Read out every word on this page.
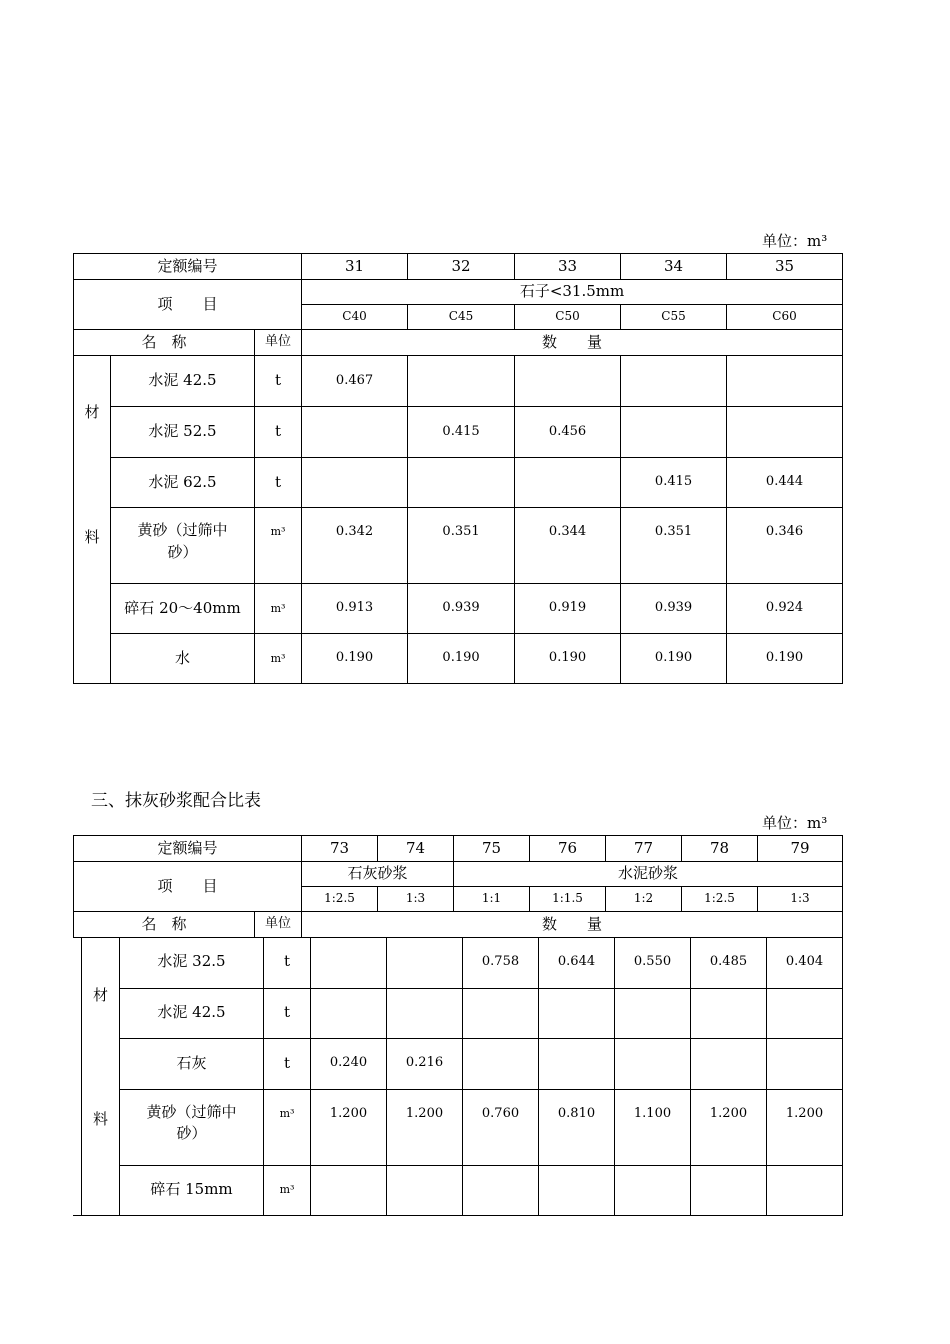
单位：m³
定额编号			31	32	33	34	35
项　　目			石子<31.5mm				
			C40	C45	C50	C55	C60
名　称		单位	数　　量				

材
料	水泥 42.5	t	0.467				
	水泥 52.5	t		0.415	0.456		
	水泥 62.5	t				0.415	0.444

	黄砂（过筛中砂）	m³	0.342	0.351	0.344	0.351	0.346
	碎石 20～40mm	m³	0.913	0.939	0.919	0.939	0.924
	水	m³	0.190	0.190	0.190	0.190	0.190
三、抹灰砂浆配合比表
单位：m³
定额编号		73	74	75	76	77	78	79
项　　目		石灰砂浆		水泥砂浆				
		1:2.5	1:3	1:1	1:1.5	1:2	1:2.5	1:3
名　称	单位	数　　量						
材
料	水泥 32.5	t			0.758	0.644	0.550	0.485	0.404
	水泥 42.5	t							
	石灰	t	0.240	0.216					

	黄砂（过筛中砂）	m³	1.200	1.200	0.760	0.810	1.100	1.200	1.200
	碎石 15mm	m³							
